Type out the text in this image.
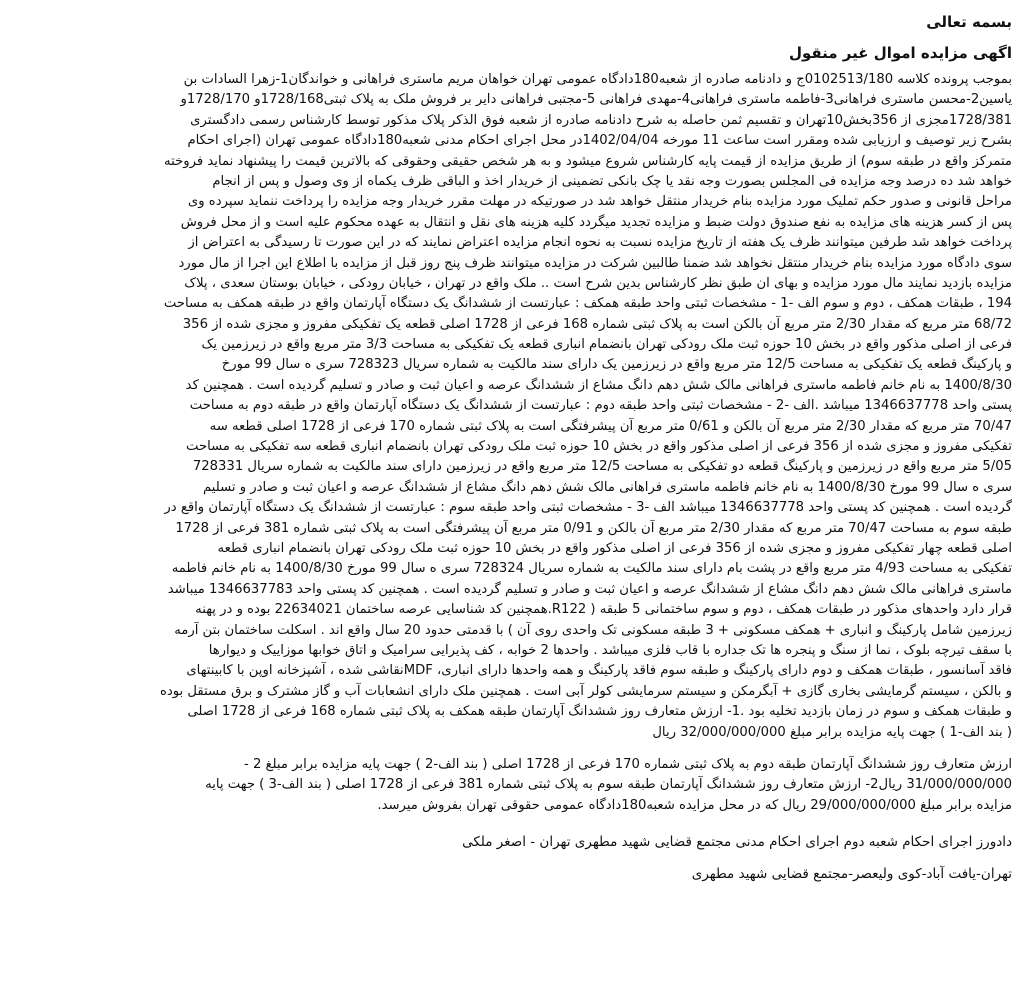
بسمه تعالی
اگهی مزایده اموال غیر منقول
بموجب پرونده کلاسه 0102513/180ج و دادنامه صادره از شعبه180دادگاه عمومی تهران خواهان مریم ماستری فراهانی و خواندگان1-زهرا السادات بن
یاسین2-محسن ماستری فراهانی3-فاطمه ماستری فراهانی4-مهدی فراهانی 5-مجتبی فراهانی دایر بر فروش ملک به پلاک ثبتی1728/168و 1728/170و
1728/381مجزی از 356بخش10تهران و تقسیم ثمن حاصله به شرح دادنامه صادره از شعبه فوق الذکر پلاک مذکور توسط کارشناس رسمی دادگستری
بشرح زیر توصیف و ارزیابی شده ومقرر است ساعت 11 مورخه 1402/04/04در محل اجرای احکام مدنی شعبه180دادگاه عمومی تهران (اجرای احکام
متمرکز واقع در طبقه سوم) از طریق مزایده از قیمت پایه کارشناس شروع میشود و به هر شخص حقیقی وحقوقی که بالاترین قیمت را پیشنهاد نماید فروخته
خواهد شد ده درصد وجه مزایده فی المجلس بصورت وجه نقد یا چک بانکی تضمینی از خریدار اخذ و الباقی ظرف یکماه از وی وصول و پس از انجام
مراحل قانونی و صدور حکم تملیک مورد مزایده بنام خریدار منتقل خواهد شد در صورتیکه در مهلت مقرر خریدار وجه مزایده را پرداخت ننماید سپرده وی
پس از کسر هزینه های مزایده به نفع صندوق دولت ضبط و مزایده تجدید میگردد کلیه هزینه های نقل و انتقال به عهده محکوم علیه است و از محل فروش
پرداخت خواهد شد طرفین میتوانند ظرف یک هفته از تاریخ مزایده نسبت به نحوه انجام مزایده اعتراض نمایند که در این صورت تا رسیدگی به اعتراض از
سوی دادگاه مورد مزایده بنام خریدار منتقل نخواهد شد ضمنا طالبین شرکت در مزایده میتوانند ظرف پنج روز قبل از مزایده با اطلاع این اجرا از مال مورد
مزایده بازدید نمایند مال مورد مزایده و بهای ان طبق نظر کارشناس بدین شرح است .. ملک واقع در تهران ، خیابان رودکی ، خیابان بوستان سعدی ، پلاک
194 ، طبقات همکف ، دوم و سوم الف -1 - مشخصات ثبتی واحد طبقه همکف : عبارتست از ششدانگ یک دستگاه آپارتمان واقع در طبقه همکف به مساحت
68/72 متر مربع که مقدار 2/30 متر مربع آن بالکن است به پلاک ثبتی شماره 168 فرعی از 1728 اصلی قطعه یک تفکیکی مفروز و مجزی شده از 356
فرعی از اصلی مذکور واقع در بخش 10 حوزه ثبت ملک رودکی تهران بانضمام انباری قطعه یک تفکیکی به مساحت 3/3 متر مربع واقع در زیرزمین یک
و پارکینگ قطعه یک تفکیکی به مساحت 12/5 متر مربع واقع در زیرزمین یک دارای سند مالکیت به شماره سریال 728323 سری ه سال 99 مورخ
1400/8/30 به نام خانم فاطمه ماستری فراهانی مالک شش دهم دانگ مشاع از ششدانگ عرصه و اعیان ثبت و صادر و تسلیم گردیده است . همچنین کد
پستی واحد 1346637778 میباشد .الف -2 - مشخصات ثبتی واحد طبقه دوم : عبارتست از ششدانگ یک دستگاه آپارتمان واقع در طبقه دوم به مساحت
70/47 متر مربع که مقدار 2/30 متر مربع آن بالکن و 0/61 متر مربع آن پیشرفتگی است به پلاک ثبتی شماره 170 فرعی از 1728 اصلی قطعه سه
تفکیکی مفروز و مجزی شده از 356 فرعی از اصلی مذکور واقع در بخش 10 حوزه ثبت ملک رودکی تهران بانضمام انباری قطعه سه تفکیکی به مساحت
5/05 متر مربع واقع در زیرزمین و پارکینگ قطعه دو تفکیکی به مساحت 12/5 متر مربع واقع در زیرزمین دارای سند مالکیت به شماره سریال 728331
سری ه سال 99 مورخ 1400/8/30 به نام خانم فاطمه ماستری فراهانی مالک شش دهم دانگ مشاع از ششدانگ عرصه و اعیان ثبت و صادر و تسلیم
گردیده است . همچنین کد پستی واحد 1346637778 میباشد الف -3 - مشخصات ثبتی واحد طبقه سوم : عبارتست از ششدانگ یک دستگاه آپارتمان واقع در
طبقه سوم به مساحت 70/47 متر مربع که مقدار 2/30 متر مربع آن بالکن و 0/91 متر مربع آن پیشرفتگی است به پلاک ثبتی شماره 381 فرعی از 1728
اصلی قطعه چهار تفکیکی مفروز و مجزی شده از 356 فرعی از اصلی مذکور واقع در بخش 10 حوزه ثبت ملک رودکی تهران بانضمام انباری قطعه
تفکیکی به مساحت 4/93 متر مربع واقع در پشت بام دارای سند مالکیت به شماره سریال 728324 سری ه سال 99 مورخ 1400/8/30 به نام خانم فاطمه
ماستری فراهانی مالک شش دهم دانگ مشاع از ششدانگ عرصه و اعیان ثبت و صادر و تسلیم گردیده است . همچنین کد پستی واحد 1346637783 میباشد
قرار دارد واحدهای مذکور در طبقات همکف ، دوم و سوم ساختمانی 5 طبقه ( R122.همچنین کد شناسایی عرصه ساختمان 22634021 بوده و در پهنه
زیرزمین شامل پارکینگ و انباری + همکف مسکونی + 3 طبقه مسکونی تک واحدی روی آن ) با قدمتی حدود 20 سال واقع اند . اسکلت ساختمان بتن آرمه
با سقف تیرچه بلوک ، نما از سنگ و پنجره ها تک جداره با قاب فلزی میباشد . واحدها 2 خوابه ، کف پذیرایی سرامیک و اتاق خوابها موزاییک و دیوارها
فاقد آسانسور ، طبقات همکف و دوم دارای پارکینگ و طبقه سوم فاقد پارکینگ و همه واحدها دارای انباری، MDFنقاشی شده ، آشپزخانه اوپن با کابینتهای
و بالکن ، سیستم گرمایشی بخاری گازی + آبگرمکن و سیستم سرمایشی کولر آبی است . همچنین ملک دارای انشعابات آب و گاز مشترک و برق مستقل بوده
و طبقات همکف و سوم در زمان بازدید تخلیه بود .1- ارزش متعارف روز ششدانگ آپارتمان طبقه همکف به پلاک ثبتی شماره 168 فرعی از 1728 اصلی
( بند الف-1 ) جهت پایه مزایده برابر مبلغ 32/000/000/000 ریال
ارزش متعارف روز ششدانگ آپارتمان طبقه دوم به پلاک ثبتی شماره 170 فرعی از 1728 اصلی ( بند الف-2 ) جهت پایه مزایده برابر مبلغ 2 -
31/000/000/000 ریال2- ارزش متعارف روز ششدانگ آپارتمان طبقه سوم به پلاک ثبتی شماره 381 فرعی از 1728 اصلی ( بند الف-3 ) جهت پایه
مزایده برابر مبلغ 29/000/000/000 ریال که در محل مزایده شعبه180دادگاه عمومی حقوقی تهران بفروش میرسد.
دادورز اجرای احکام شعبه دوم اجرای احکام مدنی مجتمع قضایی شهید مطهری تهران - اصغر ملکی
تهران-یافت آباد-کوی ولیعصر-مجتمع قضایی شهید مطهری
